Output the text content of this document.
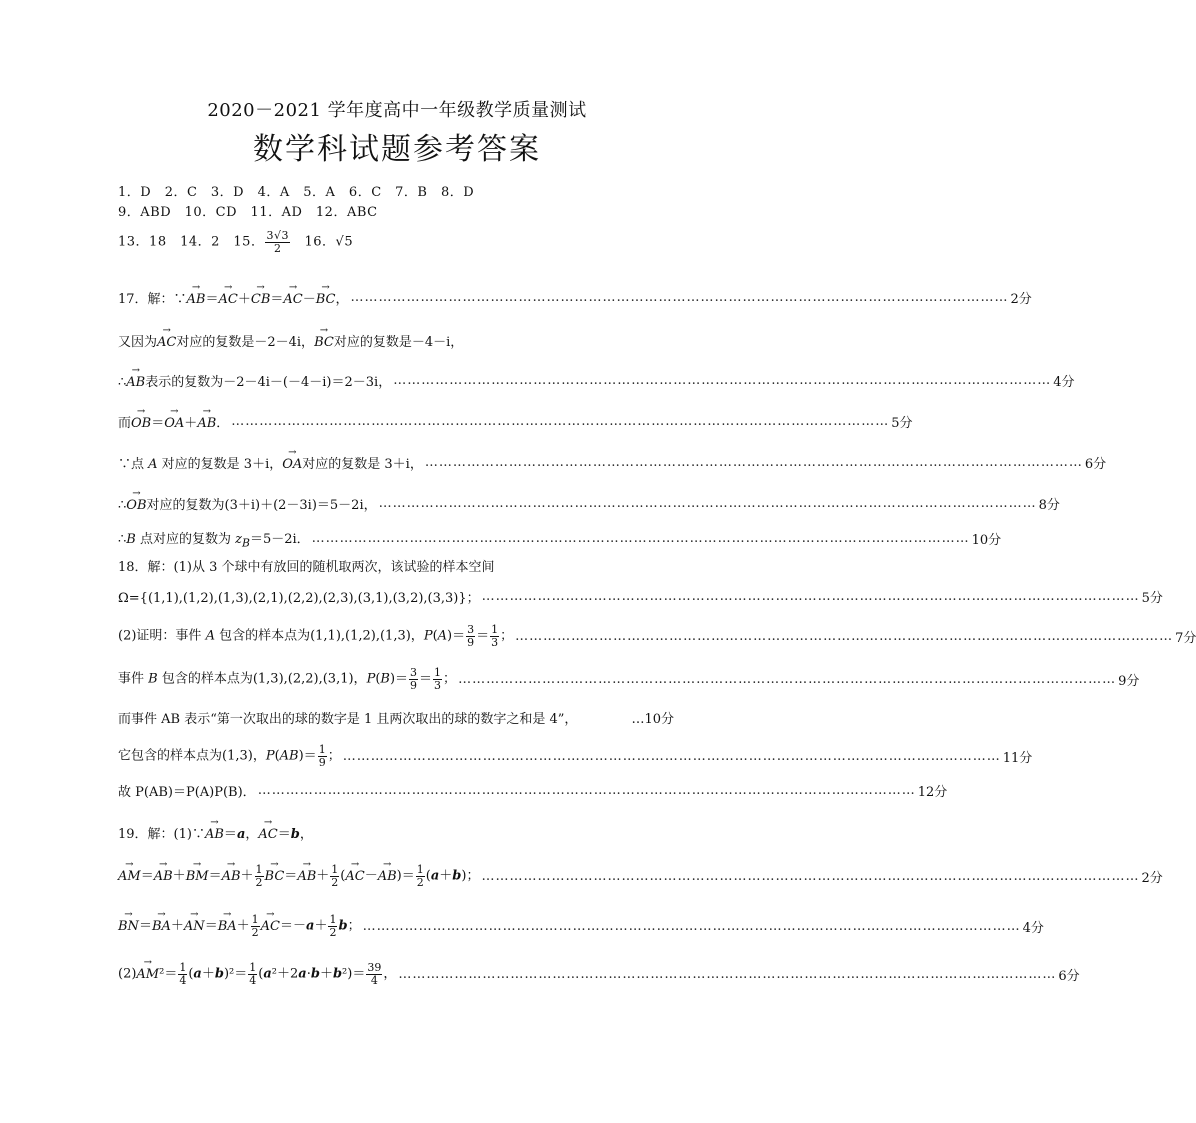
2020－2021 学年度高中一年级教学质量测试
数学科试题参考答案
1．D　2．C　3．D　4．A　5．A　6．C　7．B　8．D
9．ABD　10．CD　11．AD　12．ABC
13．18　14．2　15． $\frac{3√3}{2}$
　 16．√5
17．解：∵→ AB＝→ AC＋→ CB＝→ AC－→ BC， …………………………………………………………………………………………………………………………… 2分
又因为→ AC对应的复数是－2－4i，→ BC对应的复数是－4－i，
∴→ AB表示的复数为－2－4i－(－4－i)＝2－3i， …………………………………………………………………………………………………………………………… 4分
而→ OB＝→ OA＋→ AB． …………………………………………………………………………………………………………………………… 5分
∵点 A 对应的复数是 3＋i，→ OA对应的复数是 3＋i， …………………………………………………………………………………………………………………………… 6分
∴→ OB对应的复数为(3＋i)＋(2－3i)＝5－2i， …………………………………………………………………………………………………………………………… 8分
∴B 点对应的复数为 $z_B=5-2i$． …………………………………………………………………………………………………………………………… 10分
18．解：(1)从 3 个球中有放回的随机取两次，该试验的样本空间
Ω={(1,1),(1,2),(1,3),(2,1),(2,2),(2,3),(3,1),(3,2),(3,3)}； …………………………………………………………………………………………………………………………… 5分
(2)证明：事件 A 包含的样本点为(1,1),(1,2),(1,3)，$P(A)= \frac{3}{9} = \frac{1}{3}$ ； …………………………………………………………………………………………………………………………… 7分
事件 B 包含的样本点为(1,3),(2,2),(3,1)，$P(B)= \frac{3}{9} = \frac{1}{3}$ ； …………………………………………………………………………………………………………………………… 9分
而事件 AB 表示“第一次取出的球的数字是 1 且两次取出的球的数字之和是 4”，	…10分
它包含的样本点为(1,3)，$P(AB)= \frac{1}{9}$ ； …………………………………………………………………………………………………………………………… 11分
故 P(AB)＝P(A)P(B)． …………………………………………………………………………………………………………………………… 12分
19．解：(1)∵→ AB＝a，→ AC＝b，
→ $AM=\to AB+\to BM=\to AB+ \frac{1}{2}$
→ $BC=\to AB+ \frac{1}{2}$ (→ $AC-\to AB)= \frac{1}{2} (a+b)$； …………………………………………………………………………………………………………………………… 2分
→ $BN=\to BA+\to AN=\to BA+ \frac{1}{2}$
→ $AC=-a+ \frac{1}{2}$ b； …………………………………………………………………………………………………………………………… 4分
$(2)\to AM^2= \frac{1}{4} (a+b)^2= \frac{1}{4} (a^2+2a\cdot b+b^2)= \frac{39}{4}$ ， …………………………………………………………………………………………………………………………… 6分
